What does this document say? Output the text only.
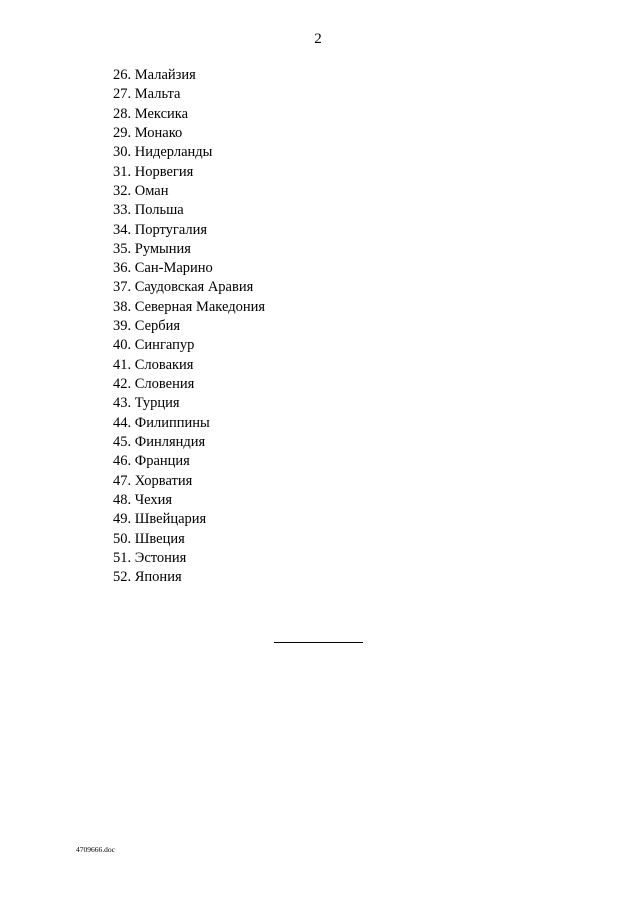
2
26. Малайзия
27. Мальта
28. Мексика
29. Монако
30. Нидерланды
31. Норвегия
32. Оман
33. Польша
34. Португалия
35. Румыния
36. Сан-Марино
37. Саудовская Аравия
38. Северная Македония
39. Сербия
40. Сингапур
41. Словакия
42. Словения
43. Турция
44. Филиппины
45. Финляндия
46. Франция
47. Хорватия
48. Чехия
49. Швейцария
50. Швеция
51. Эстония
52. Япония
4709666.doc
